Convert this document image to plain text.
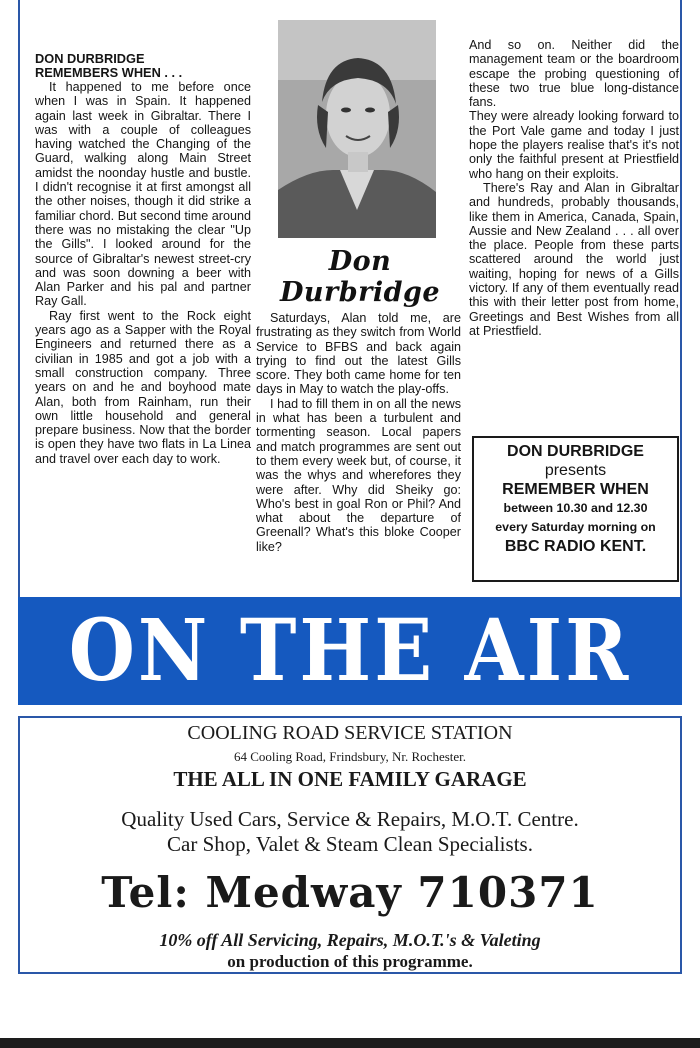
DON DURBRIDGE
REMEMBERS WHEN . . .

It happened to me before once when I was in Spain. It happened again last week in Gibraltar. There I was with a couple of colleagues having watched the Changing of the Guard, walking along Main Street amidst the noonday hustle and bustle. I didn't recognise it at first amongst all the other noises, though it did strike a familiar chord. But second time around there was no mistaking the clear "Up the Gills". I looked around for the source of Gibraltar's newest street-cry and was soon downing a beer with Alan Parker and his pal and partner Ray Gall.

Ray first went to the Rock eight years ago as a Sapper with the Royal Engineers and returned there as a civilian in 1985 and got a job with a small construction company. Three years on and he and boyhood mate Alan, both from Rainham, run their own little household and general prepare business. Now that the border is open they have two flats in La Linea and travel over each day to work.

Don Durbridge

Saturdays, Alan told me, are frustrating as they switch from World Service to BFBS and back again trying to find out the latest Gills score. They both came home for ten days in May to watch the play-offs.

I had to fill them in on all the news in what has been a turbulent and tormenting season. Local papers and match programmes are sent out to them every week but, of course, it was the whys and wherefores they were after. Why did Sheiky go: Who's best in goal Ron or Phil? And what about the departure of Greenall? What's this bloke Cooper like?

And so on. Neither did the management team or the boardroom escape the probing questioning of these two true blue long-distance fans.

They were already looking forward to the Port Vale game and today I just hope the players realise that's it's not only the faithful present at Priestfield who hang on their exploits.

There's Ray and Alan in Gibraltar and hundreds, probably thousands, like them in America, Canada, Spain, Aussie and New Zealand . . . all over the place. People from these parts scattered around the world just waiting, hoping for news of a Gills victory. If any of them eventually read this with their letter post from home, Greetings and Best Wishes from all at Priestfield.

DON DURBRIDGE
presents
REMEMBER WHEN
between 10.30 and 12.30
every Saturday morning on
BBC RADIO KENT.
ON THE AIR
COOLING ROAD SERVICE STATION
64 Cooling Road, Frindsbury, Nr. Rochester.
THE ALL IN ONE FAMILY GARAGE
Quality Used Cars, Service & Repairs, M.O.T. Centre.
Car Shop, Valet & Steam Clean Specialists.
Tel: Medway 710371
10% off All Servicing, Repairs, M.O.T.'s & Valeting
on production of this programme.
